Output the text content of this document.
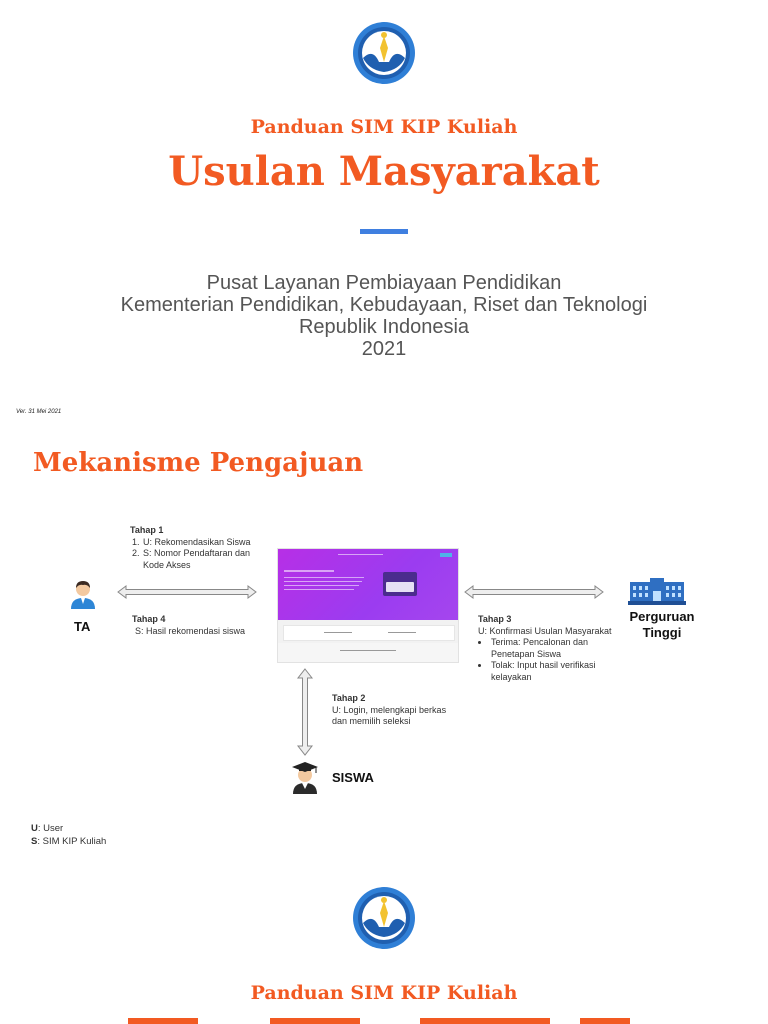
Panduan SIM KIP Kuliah
Usulan Masyarakat
Pusat Layanan Pembiayaan Pendidikan
Kementerian Pendidikan, Kebudayaan, Riset dan Teknologi
Republik Indonesia
2021
Ver. 31 Mei 2021
Mekanisme Pengajuan
Tahap 1
1. U: Rekomendasikan Siswa
2. S: Nomor Pendaftaran dan Kode Akses
TA	Tahap 4
S: Hasil rekomendasi siswa
Perguruan
Tinggi
Tahap 3
U: Konfirmasi Usulan Masyarakat
• Terima: Pencalonan dan Penetapan Siswa
• Tolak: Input hasil verifikasi kelayakan
Tahap 2
U: Login, melengkapi berkas
dan memilih seleksi
SISWA
U: User
S: SIM KIP Kuliah
Panduan SIM KIP Kuliah
